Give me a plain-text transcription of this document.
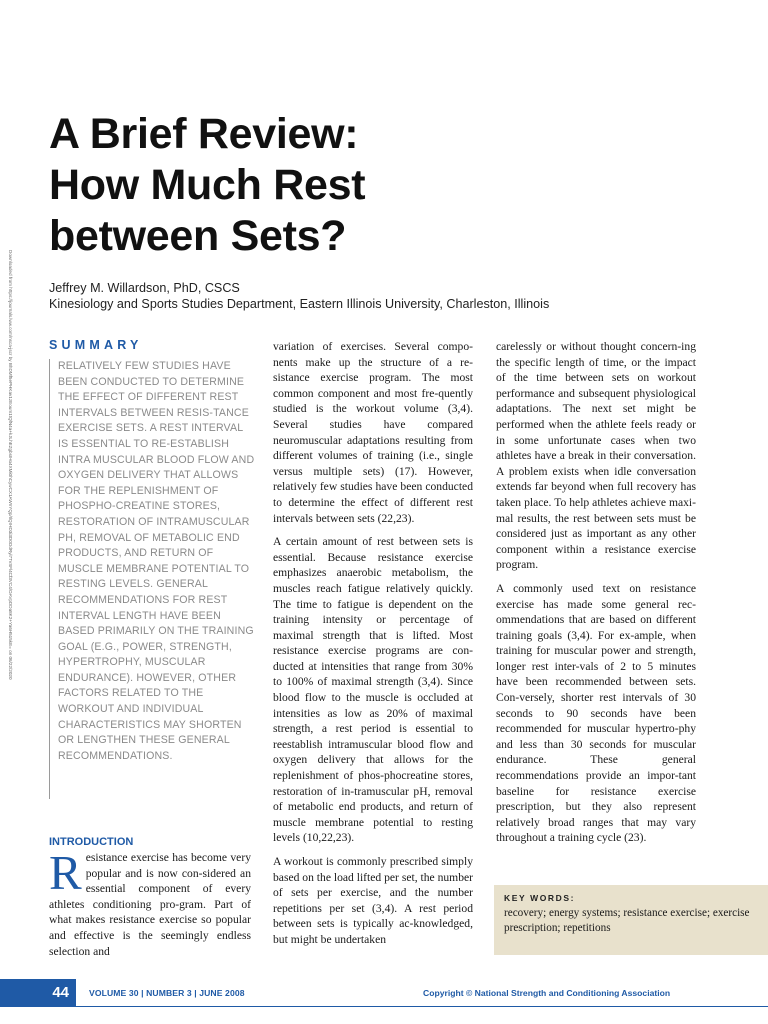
Downloaded from https://journals.lww.com/nsca-jscr by BhDMf5ePHKav1zEoum1tQfN4a+kJLhEZgbsIHo4XMi0hCywCX1AWnYQp/IlQrHD3i3D0OdRyi7TvSFl4Cf3VC4/OAVpDDa8K2+Ya6H515kE= on 06/22/2020
A Brief Review:
How Much Rest
between Sets?
Jeffrey M. Willardson, PhD, CSCS
Kinesiology and Sports Studies Department, Eastern Illinois University, Charleston, Illinois
SUMMARY
RELATIVELY FEW STUDIES HAVE BEEN CONDUCTED TO DETERMINE THE EFFECT OF DIFFERENT REST INTERVALS BETWEEN RESIS-TANCE EXERCISE SETS. A REST INTERVAL IS ESSENTIAL TO RE-ESTABLISH INTRA MUSCULAR BLOOD FLOW AND OXYGEN DELIVERY THAT ALLOWS FOR THE REPLENISHMENT OF PHOSPHO-CREATINE STORES, RESTORATION OF INTRAMUSCULAR PH, REMOVAL OF METABOLIC END PRODUCTS, AND RETURN OF MUSCLE MEMBRANE POTENTIAL TO RESTING LEVELS. GENERAL RECOMMENDATIONS FOR REST INTERVAL LENGTH HAVE BEEN BASED PRIMARILY ON THE TRAINING GOAL (E.G., POWER, STRENGTH, HYPERTROPHY, MUSCULAR ENDURANCE). HOWEVER, OTHER FACTORS RELATED TO THE WORKOUT AND INDIVIDUAL CHARACTERISTICS MAY SHORTEN OR LENGTHEN THESE GENERAL RECOMMENDATIONS.
INTRODUCTION
Resistance exercise has become very popular and is now con-sidered an essential component of every athletes conditioning pro-gram. Part of what makes resistance exercise so popular and effective is the seemingly endless selection and

variation of exercises. Several compo-nents make up the structure of a re-sistance exercise program. The most common component and most fre-quently studied is the workout volume (3,4). Several studies have compared neuromuscular adaptations resulting from different volumes of training (i.e., single versus multiple sets) (17). However, relatively few studies have been conducted to determine the effect of different rest intervals between sets (22,23).

A certain amount of rest between sets is essential. Because resistance exercise emphasizes anaerobic metabolism, the muscles reach fatigue relatively quickly. The time to fatigue is dependent on the training intensity or percentage of maximal strength that is lifted. Most resistance exercise programs are con-ducted at intensities that range from 30% to 100% of maximal strength (3,4). Since blood flow to the muscle is occluded at intensities as low as 20% of maximal strength, a rest period is essential to reestablish intramuscular blood flow and oxygen delivery that allows for the replenishment of phos-phocreatine stores, restoration of in-tramuscular pH, removal of metabolic end products, and return of muscle membrane potential to resting levels (10,22,23).

A workout is commonly prescribed simply based on the load lifted per set, the number of sets per exercise, and the number repetitions per set (3,4). A rest period between sets is typically ac-knowledged, but might be undertaken

carelessly or without thought concern-ing the specific length of time, or the impact of the time between sets on workout performance and subsequent physiological adaptations. The next set might be performed when the athlete feels ready or in some unfortunate cases when two athletes have a break in their conversation. A problem exists when idle conversation extends far beyond when full recovery has taken place. To help athletes achieve maxi-mal results, the rest between sets must be considered just as important as any other component within a resistance exercise program.

A commonly used text on resistance exercise has made some general rec-ommendations that are based on different training goals (3,4). For ex-ample, when training for muscular power and strength, longer rest inter-vals of 2 to 5 minutes have been recommended between sets. Con-versely, shorter rest intervals of 30 seconds to 90 seconds have been recommended for muscular hypertro-phy and less than 30 seconds for muscular endurance. These general recommendations provide an impor-tant baseline for resistance exercise prescription, but they also represent relatively broad ranges that may vary throughout a training cycle (23).

KEY WORDS:
recovery; energy systems; resistance exercise; exercise prescription; repetitions
44	VOLUME 30 | NUMBER 3 | JUNE 2008	Copyright © National Strength and Conditioning Association
